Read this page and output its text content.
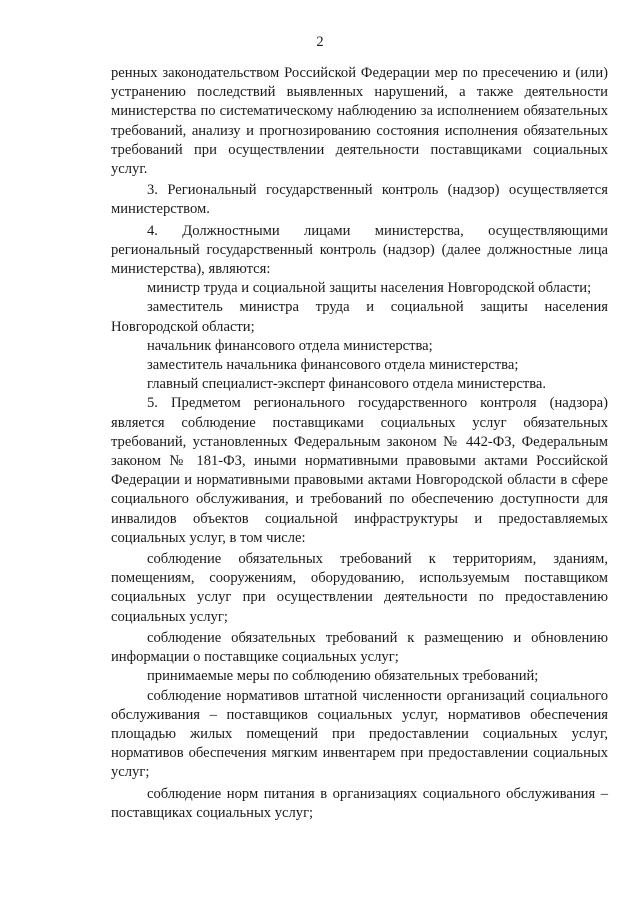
2

ренных законодательством Российской Федерации мер по пресечению и (или) устранению последствий выявленных нарушений, а также деятельности министерства по систематическому наблюдению за исполнением обязательных требований, анализу и прогнозированию состояния исполнения обязательных требований при осуществлении деятельности поставщиками социальных услуг.

3. Региональный государственный контроль (надзор) осуществляется министерством.

4. Должностными лицами министерства, осуществляющими региональный государственный контроль (надзор) (далее должностные лица министерства), являются:

министр труда и социальной защиты населения Новгородской области;

заместитель министра труда и социальной защиты населения Новгородской области;

начальник финансового отдела министерства;

заместитель начальника финансового отдела министерства;

главный специалист-эксперт финансового отдела министерства.

5. Предметом регионального государственного контроля (надзора) является соблюдение поставщиками социальных услуг обязательных требований, установленных Федеральным законом № 442-ФЗ, Федеральным законом № 181-ФЗ, иными нормативными правовыми актами Российской Федерации и нормативными правовыми актами Новгородской области в сфере социального обслуживания, и требований по обеспечению доступности для инвалидов объектов социальной инфраструктуры и предоставляемых социальных услуг, в том числе:

соблюдение обязательных требований к территориям, зданиям, помещениям, сооружениям, оборудованию, используемым поставщиком социальных услуг при осуществлении деятельности по предоставлению социальных услуг;

соблюдение обязательных требований к размещению и обновлению информации о поставщике социальных услуг;

принимаемые меры по соблюдению обязательных требований;

соблюдение нормативов штатной численности организаций социального обслуживания – поставщиков социальных услуг, нормативов обеспечения площадью жилых помещений при предоставлении социальных услуг, нормативов обеспечения мягким инвентарем при предоставлении социальных услуг;

соблюдение норм питания в организациях социального обслуживания – поставщиках социальных услуг;
